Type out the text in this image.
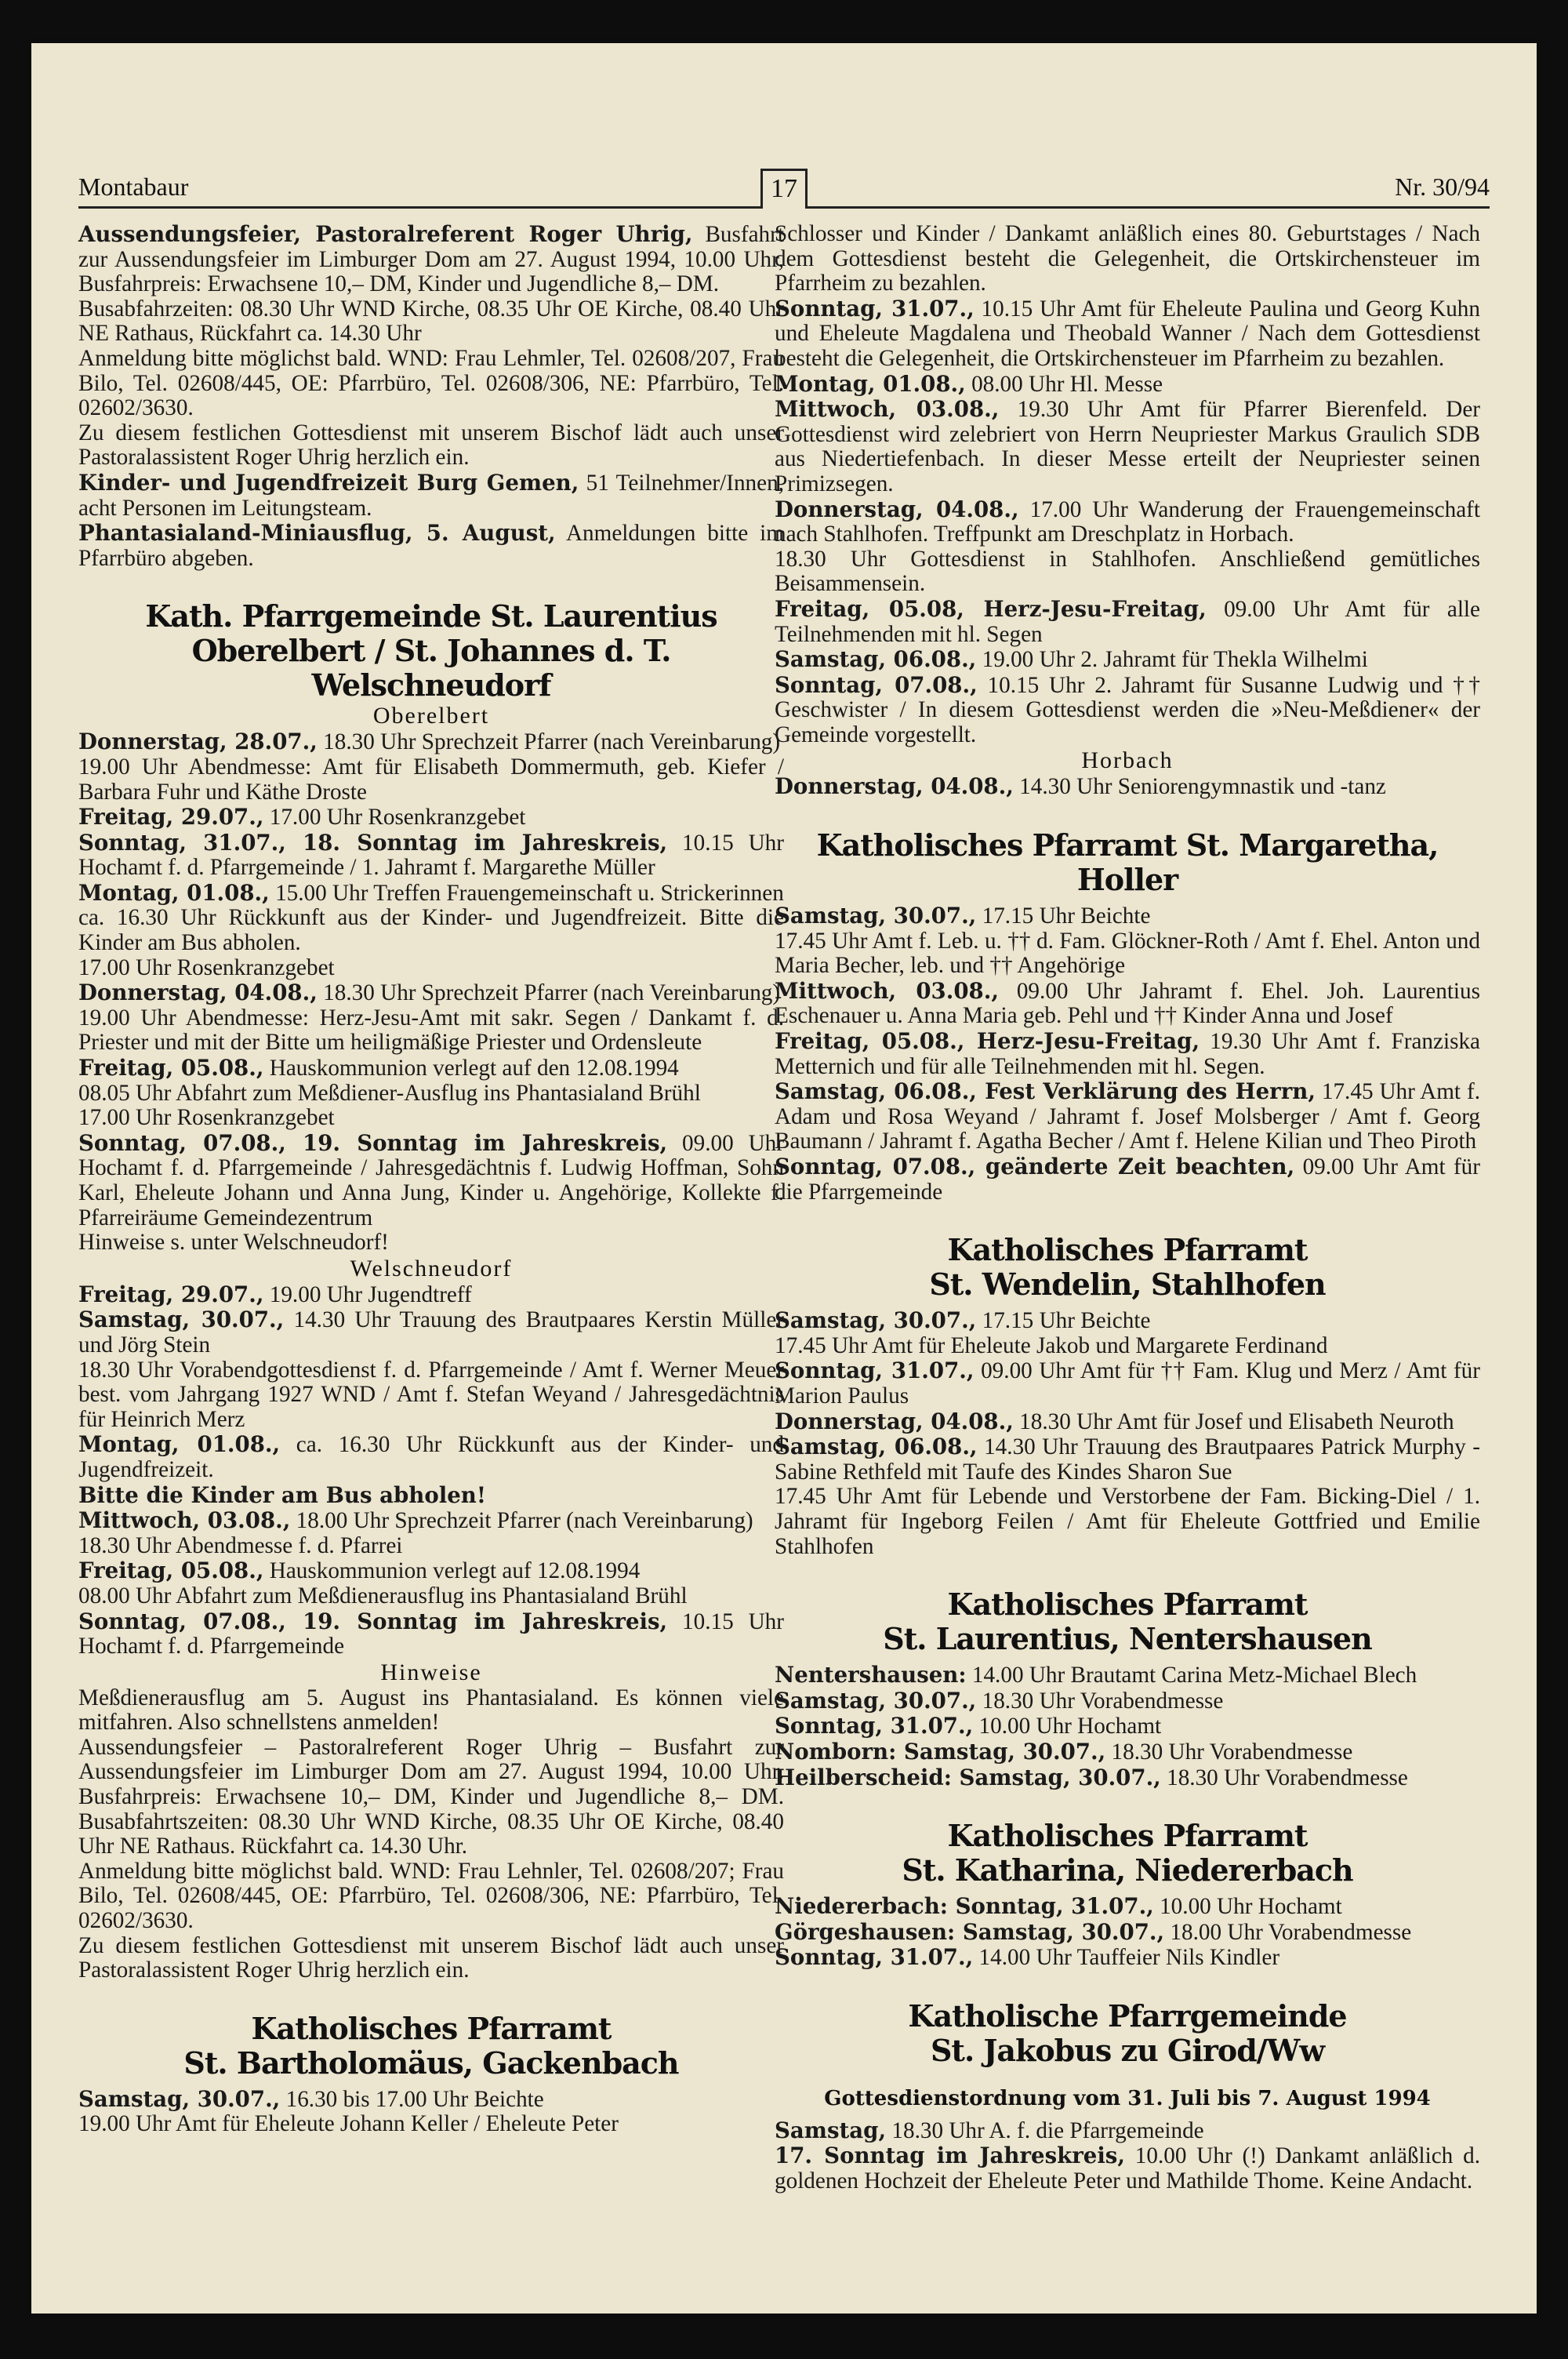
Montabaur	17	Nr. 30/94

Aussendungsfeier, Pastoralreferent Roger Uhrig, Busfahrt zur Aussendungsfeier im Limburger Dom am 27. August 1994, 10.00 Uhr, Busfahrpreis: Erwachsene 10,– DM, Kinder und Jugendliche 8,– DM.

Busabfahrzeiten: 08.30 Uhr WND Kirche, 08.35 Uhr OE Kirche, 08.40 Uhr NE Rathaus, Rückfahrt ca. 14.30 Uhr

Anmeldung bitte möglichst bald. WND: Frau Lehmler, Tel. 02608/207, Frau Bilo, Tel. 02608/445, OE: Pfarrbüro, Tel. 02608/306, NE: Pfarrbüro, Tel. 02602/3630.

Zu diesem festlichen Gottesdienst mit unserem Bischof lädt auch unser Pastoralassistent Roger Uhrig herzlich ein.

Kinder- und Jugendfreizeit Burg Gemen, 51 Teilnehmer/Innen, acht Personen im Leitungsteam.

Phantasialand-Miniausflug, 5. August, Anmeldungen bitte im Pfarrbüro abgeben.

Kath. Pfarrgemeinde St. Laurentius
Oberelbert / St. Johannes d. T. Welschneudorf
Oberelbert

Donnerstag, 28.07., 18.30 Uhr Sprechzeit Pfarrer (nach Vereinbarung)

19.00 Uhr Abendmesse: Amt für Elisabeth Dommermuth, geb. Kiefer / Barbara Fuhr und Käthe Droste

Freitag, 29.07., 17.00 Uhr Rosenkranzgebet

Sonntag, 31.07., 18. Sonntag im Jahreskreis, 10.15 Uhr Hochamt f. d. Pfarrgemeinde / 1. Jahramt f. Margarethe Müller

Montag, 01.08., 15.00 Uhr Treffen Frauengemeinschaft u. Strickerinnen

ca. 16.30 Uhr Rückkunft aus der Kinder- und Jugendfreizeit. Bitte die Kinder am Bus abholen.

17.00 Uhr Rosenkranzgebet

Donnerstag, 04.08., 18.30 Uhr Sprechzeit Pfarrer (nach Vereinbarung)

19.00 Uhr Abendmesse: Herz-Jesu-Amt mit sakr. Segen / Dankamt f. d. Priester und mit der Bitte um heiligmäßige Priester und Ordensleute

Freitag, 05.08., Hauskommunion verlegt auf den 12.08.1994

08.05 Uhr Abfahrt zum Meßdiener-Ausflug ins Phantasialand Brühl

17.00 Uhr Rosenkranzgebet

Sonntag, 07.08., 19. Sonntag im Jahreskreis, 09.00 Uhr Hochamt f. d. Pfarrgemeinde / Jahresgedächtnis f. Ludwig Hoffman, Sohn Karl, Eheleute Johann und Anna Jung, Kinder u. Angehörige, Kollekte f. Pfarreiräume Gemeindezentrum

Hinweise s. unter Welschneudorf!

Welschneudorf

Freitag, 29.07., 19.00 Uhr Jugendtreff

Samstag, 30.07., 14.30 Uhr Trauung des Brautpaares Kerstin Müller und Jörg Stein

18.30 Uhr Vorabendgottesdienst f. d. Pfarrgemeinde / Amt f. Werner Meuer best. vom Jahrgang 1927 WND / Amt f. Stefan Weyand / Jahresgedächtnis für Heinrich Merz

Montag, 01.08., ca. 16.30 Uhr Rückkunft aus der Kinder- und Jugendfreizeit.

Bitte die Kinder am Bus abholen!

Mittwoch, 03.08., 18.00 Uhr Sprechzeit Pfarrer (nach Vereinbarung)

18.30 Uhr Abendmesse f. d. Pfarrei

Freitag, 05.08., Hauskommunion verlegt auf 12.08.1994

08.00 Uhr Abfahrt zum Meßdienerausflug ins Phantasialand Brühl

Sonntag, 07.08., 19. Sonntag im Jahreskreis, 10.15 Uhr Hochamt f. d. Pfarrgemeinde

Hinweise

Meßdienerausflug am 5. August ins Phantasialand. Es können viele mitfahren. Also schnellstens anmelden!

Aussendungsfeier – Pastoralreferent Roger Uhrig – Busfahrt zur Aussendungsfeier im Limburger Dom am 27. August 1994, 10.00 Uhr. Busfahrpreis: Erwachsene 10,– DM, Kinder und Jugendliche 8,– DM. Busabfahrtszeiten: 08.30 Uhr WND Kirche, 08.35 Uhr OE Kirche, 08.40 Uhr NE Rathaus. Rückfahrt ca. 14.30 Uhr.

Anmeldung bitte möglichst bald. WND: Frau Lehnler, Tel. 02608/207; Frau Bilo, Tel. 02608/445, OE: Pfarrbüro, Tel. 02608/306, NE: Pfarrbüro, Tel. 02602/3630.

Zu diesem festlichen Gottesdienst mit unserem Bischof lädt auch unser Pastoralassistent Roger Uhrig herzlich ein.

Katholisches Pfarramt
St. Bartholomäus, Gackenbach

Samstag, 30.07., 16.30 bis 17.00 Uhr Beichte

19.00 Uhr Amt für Eheleute Johann Keller / Eheleute Peter

Schlosser und Kinder / Dankamt anläßlich eines 80. Geburtstages / Nach dem Gottesdienst besteht die Gelegenheit, die Ortskirchensteuer im Pfarrheim zu bezahlen.

Sonntag, 31.07., 10.15 Uhr Amt für Eheleute Paulina und Georg Kuhn und Eheleute Magdalena und Theobald Wanner / Nach dem Gottesdienst besteht die Gelegenheit, die Ortskirchensteuer im Pfarrheim zu bezahlen.

Montag, 01.08., 08.00 Uhr Hl. Messe

Mittwoch, 03.08., 19.30 Uhr Amt für Pfarrer Bierenfeld. Der Gottesdienst wird zelebriert von Herrn Neupriester Markus Graulich SDB aus Niedertiefenbach. In dieser Messe erteilt der Neupriester seinen Primizsegen.

Donnerstag, 04.08., 17.00 Uhr Wanderung der Frauengemeinschaft nach Stahlhofen. Treffpunkt am Dreschplatz in Horbach.

18.30 Uhr Gottesdienst in Stahlhofen. Anschließend gemütliches Beisammensein.

Freitag, 05.08, Herz-Jesu-Freitag, 09.00 Uhr Amt für alle Teilnehmenden mit hl. Segen

Samstag, 06.08., 19.00 Uhr 2. Jahramt für Thekla Wilhelmi

Sonntag, 07.08., 10.15 Uhr 2. Jahramt für Susanne Ludwig und †† Geschwister / In diesem Gottesdienst werden die »Neu-Meßdiener« der Gemeinde vorgestellt.

Horbach

Donnerstag, 04.08., 14.30 Uhr Seniorengymnastik und -tanz

Katholisches Pfarramt St. Margaretha, Holler

Samstag, 30.07., 17.15 Uhr Beichte

17.45 Uhr Amt f. Leb. u. †† d. Fam. Glöckner-Roth / Amt f. Ehel. Anton und Maria Becher, leb. und †† Angehörige

Mittwoch, 03.08., 09.00 Uhr Jahramt f. Ehel. Joh. Laurentius Eschenauer u. Anna Maria geb. Pehl und †† Kinder Anna und Josef

Freitag, 05.08., Herz-Jesu-Freitag, 19.30 Uhr Amt f. Franziska Metternich und für alle Teilnehmenden mit hl. Segen.

Samstag, 06.08., Fest Verklärung des Herrn, 17.45 Uhr Amt f. Adam und Rosa Weyand / Jahramt f. Josef Molsberger / Amt f. Georg Baumann / Jahramt f. Agatha Becher / Amt f. Helene Kilian und Theo Piroth

Sonntag, 07.08., geänderte Zeit beachten, 09.00 Uhr Amt für die Pfarrgemeinde

Katholisches Pfarramt
St. Wendelin, Stahlhofen

Samstag, 30.07., 17.15 Uhr Beichte

17.45 Uhr Amt für Eheleute Jakob und Margarete Ferdinand

Sonntag, 31.07., 09.00 Uhr Amt für †† Fam. Klug und Merz / Amt für Marion Paulus

Donnerstag, 04.08., 18.30 Uhr Amt für Josef und Elisabeth Neuroth

Samstag, 06.08., 14.30 Uhr Trauung des Brautpaares Patrick Murphy - Sabine Rethfeld mit Taufe des Kindes Sharon Sue

17.45 Uhr Amt für Lebende und Verstorbene der Fam. Bicking-Diel / 1. Jahramt für Ingeborg Feilen / Amt für Eheleute Gottfried und Emilie Stahlhofen

Katholisches Pfarramt
St. Laurentius, Nentershausen

Nentershausen: 14.00 Uhr Brautamt Carina Metz-Michael Blech

Samstag, 30.07., 18.30 Uhr Vorabendmesse

Sonntag, 31.07., 10.00 Uhr Hochamt

Nomborn: Samstag, 30.07., 18.30 Uhr Vorabendmesse

Heilberscheid: Samstag, 30.07., 18.30 Uhr Vorabendmesse

Katholisches Pfarramt
St. Katharina, Niedererbach

Niedererbach: Sonntag, 31.07., 10.00 Uhr Hochamt

Görgeshausen: Samstag, 30.07., 18.00 Uhr Vorabendmesse

Sonntag, 31.07., 14.00 Uhr Tauffeier Nils Kindler

Katholische Pfarrgemeinde
St. Jakobus zu Girod/Ww
Gottesdienstordnung vom 31. Juli bis 7. August 1994

Samstag, 18.30 Uhr A. f. die Pfarrgemeinde

17. Sonntag im Jahreskreis, 10.00 Uhr (!) Dankamt anläßlich d. goldenen Hochzeit der Eheleute Peter und Mathilde Thome. Keine Andacht.
